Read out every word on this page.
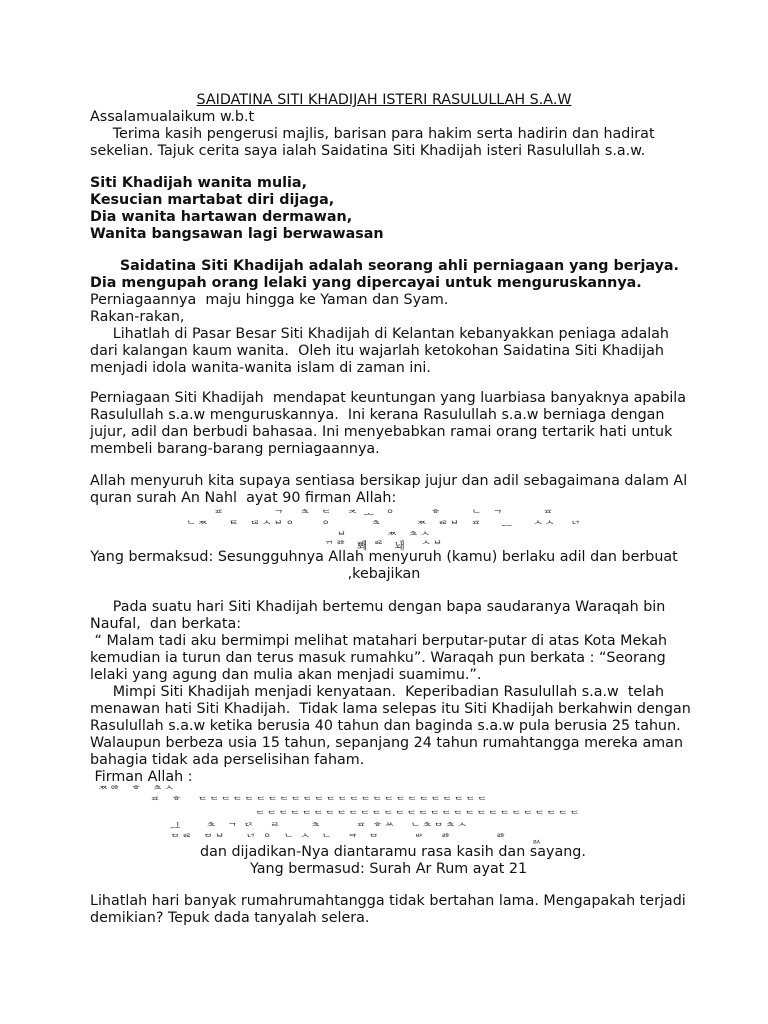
SAIDATINA SITI KHADIJAH ISTERI RASULULLAH S.A.W
Assalamualaikum w.b.t
Terima kasih pengerusi majlis, barisan para hakim serta hadirin dan hadirat
sekelian. Tajuk cerita saya ialah Saidatina Siti Khadijah isteri Rasulullah s.a.w.
Siti Khadijah wanita mulia,
Kesucian martabat diri dijaga,
Dia wanita hartawan dermawan,
Wanita bangsawan lagi berwawasan
Saidatina Siti Khadijah adalah seorang ahli perniagaan yang berjaya.
Dia mengupah orang lelaki yang dipercayai untuk menguruskannya.
Perniagaannya  maju hingga ke Yaman dan Syam.
Rakan-rakan,
Lihatlah di Pasar Besar Siti Khadijah di Kelantan kebanyakkan peniaga adalah
dari kalangan kaum wanita.  Oleh itu wajarlah ketokohan Saidatina Siti Khadijah
menjadi idola wanita-wanita islam di zaman ini.
Perniagaan Siti Khadijah  mendapat keuntungan yang luarbiasa banyaknya apabila
Rasulullah s.a.w menguruskannya.  Ini kerana Rasulullah s.a.w berniaga dengan
jujur, adil dan berbudi bahasaa. Ini menyebabkan ramai orang tertarik hati untuk
membeli barang-barang perniagaannya.
Allah menyuruh kita supaya sentiasa bersikap jujur dan adil sebagaimana dalam Al
quran surah An Nahl  ayat 90 firman Allah:
ᄑ          ᄀ   ᄎ  ᄃ   ᄌ ᅩ  ᄋ       ᄒ      ᄂ  ᄀ        ᄑ
ᄂᄍ    ᄐ  ᄃᄅᄉᄇᄋ     ᄋ        ᄎ       ᄍ  ᄙᄇ  ᄑ    ᅳ    ᄉᄉ   ᄓ
ᄇ        ᄍ  ᄎᄉ
ᄁᄚ  뽸 ᄙ  놰   ᄉᄇ
Yang bermaksud: Sesungguhnya Allah menyuruh (kamu) berlaku adil dan berbuat
,kebajikan
Pada suatu hari Siti Khadijah bertemu dengan bapa saudaranya Waraqah bin
Naufal,  dan berkata:
“ Malam tadi aku bermimpi melihat matahari berputar-putar di atas Kota Mekah
kemudian ia turun dan terus masuk rumahku”. Waraqah pun berkata : “Seorang
lelaki yang agung dan mulia akan menjadi suamimu.”.
Mimpi Siti Khadijah menjadi kenyataan.  Keperibadian Rasulullah s.a.w  telah
menawan hati Siti Khadijah.  Tidak lama selepas itu Siti Khadijah berkahwin dengan
Rasulullah s.a.w ketika berusia 40 tahun dan baginda s.a.w pula berusia 25 tahun.
Walaupun berbeza usia 15 tahun, sepanjang 24 tahun rumahtangga mereka aman
bahagia tidak ada perselisihan faham.
Firman Allah :
ᄍᄋᄒ  ᄒ  ᄎᄉ
ᄑ  ᄒ   ᄃᄃᄃᄃᄃᄃᄃᄃᄃᄃᄃᄃᄃᄃᄃᄃᄃᄃᄃᄃᄃᄃᄃᄃᄃ
ᄃᄃᄃᄃᄃᄃᄃᄃᄃᄃᄃᄃᄃᄃᄃᄃᄃᄃᄃᄃᄃᄃᄃᄃᄃᄃᄃᄃ
ᆜ     ᄎ  ᄀ ᄃᄌ   ᄅ      ᄎ       ᄑ ᄒᄊ   ᄂᄎᄆᄎᄉ
ᄆᄙ  ᄆᄇ    ᄓ ᄋ  ᄂ ᄉ  ᄂ   ᄏ  ᄆ       ᄡ   ᄚ         ᄚ     ᆳ
dan dijadikan-Nya diantaramu rasa kasih dan sayang.
Yang bermasud: Surah Ar Rum ayat 21
Lihatlah hari banyak rumahrumahtangga tidak bertahan lama. Mengapakah terjadi
demikian? Tepuk dada tanyalah selera.
